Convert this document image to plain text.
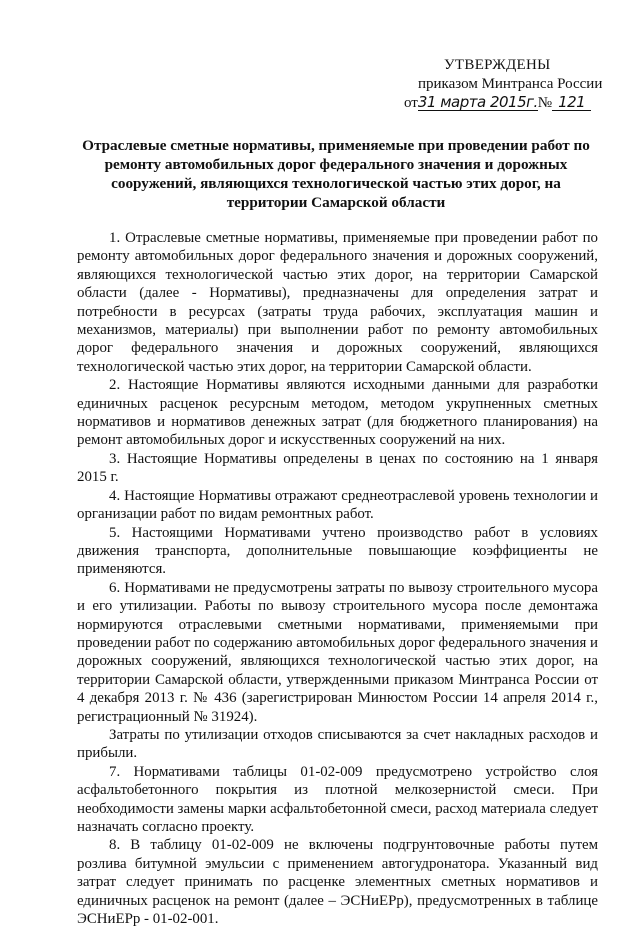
УТВЕРЖДЕНЫ
приказом Минтранса России
от 31 марта 2015г. № 121
Отраслевые сметные нормативы, применяемые при проведении работ по ремонту автомобильных дорог федерального значения и дорожных сооружений, являющихся технологической частью этих дорог, на территории Самарской области

1. Отраслевые сметные нормативы, применяемые при проведении работ по ремонту автомобильных дорог федерального значения и дорожных сооружений, являющихся технологической частью этих дорог, на территории Самарской области (далее - Нормативы), предназначены для определения затрат и потребности в ресурсах (затраты труда рабочих, эксплуатация машин и механизмов, материалы) при выполнении работ по ремонту автомобильных дорог федерального значения и дорожных сооружений, являющихся технологической частью этих дорог, на территории Самарской области.

2. Настоящие Нормативы являются исходными данными для разработки единичных расценок ресурсным методом, методом укрупненных сметных нормативов и нормативов денежных затрат (для бюджетного планирования) на ремонт автомобильных дорог и искусственных сооружений на них.

3. Настоящие Нормативы определены в ценах по состоянию на 1 января 2015 г.

4. Настоящие Нормативы отражают среднеотраслевой уровень технологии и организации работ по видам ремонтных работ.

5. Настоящими Нормативами учтено производство работ в условиях движения транспорта, дополнительные повышающие коэффициенты не применяются.

6. Нормативами не предусмотрены затраты по вывозу строительного мусора и его утилизации. Работы по вывозу строительного мусора после демонтажа нормируются отраслевыми сметными нормативами, применяемыми при проведении работ по содержанию автомобильных дорог федерального значения и дорожных сооружений, являющихся технологической частью этих дорог, на территории Самарской области, утвержденными приказом Минтранса России от 4 декабря 2013 г. № 436 (зарегистрирован Минюстом России 14 апреля 2014 г., регистрационный № 31924).

Затраты по утилизации отходов списываются за счет накладных расходов и прибыли.

7. Нормативами таблицы 01-02-009 предусмотрено устройство слоя асфальтобетонного покрытия из плотной мелкозернистой смеси. При необходимости замены марки асфальтобетонной смеси, расход материала следует назначать согласно проекту.

8. В таблицу 01-02-009 не включены подгрунтовочные работы путем розлива битумной эмульсии с применением автогудронатора. Указанный вид затрат следует принимать по расценке элементных сметных нормативов и единичных расценок на ремонт (далее – ЭСНиЕРр), предусмотренных в таблице ЭСНиЕРр - 01-02-001.
